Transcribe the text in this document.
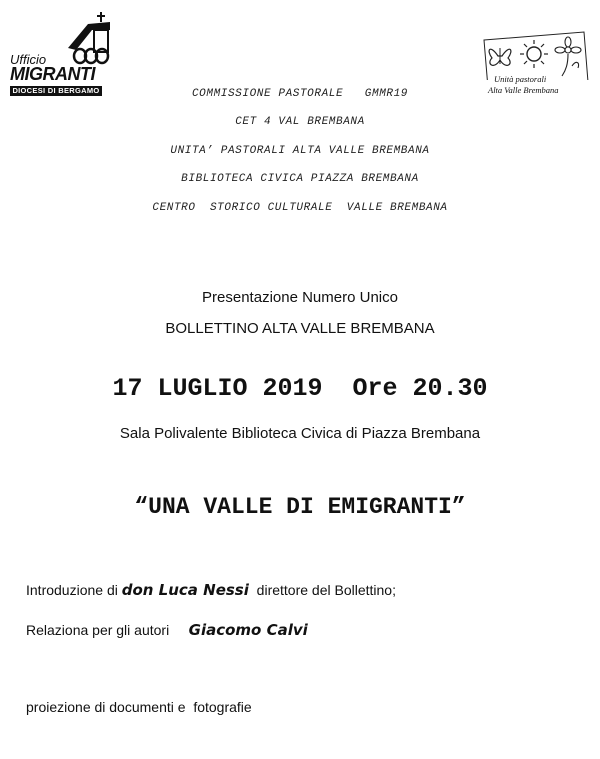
Ufficio
MIGRANTI
DIOCESI DI BERGAMO
Unità pastorali
Alta Valle Brembana
COMMISSIONE PASTORALE   GMMR19
CET 4 VAL BREMBANA
UNITA’ PASTORALI ALTA VALLE BREMBANA
BIBLIOTECA CIVICA PIAZZA BREMBANA
CENTRO  STORICO CULTURALE  VALLE BREMBANA
Presentazione Numero Unico
BOLLETTINO ALTA VALLE BREMBANA
17 LUGLIO 2019  Ore 20.30
Sala Polivalente Biblioteca Civica di Piazza Brembana
“UNA VALLE DI EMIGRANTI”
Introduzione di don Luca Nessi  direttore del Bollettino;
Relaziona per gli autori     Giacomo Calvi
proiezione di documenti e  fotografie
